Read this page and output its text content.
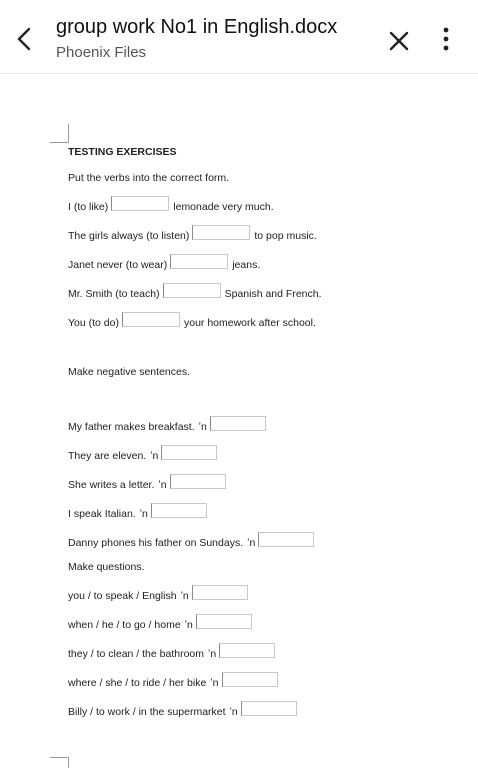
group work No1 in English.docx
Phoenix Files
TESTING EXERCISES
Put the verbs into the correct form.
I (to like)	lemonade very much.
The girls always (to listen)	to pop music.
Janet never (to wear)	jeans.
Mr. Smith (to teach)	Spanish and French.
You (to do)	your homework after school.
Make negative sentences.
My father makes breakfast. ʼn
They are eleven. ʼn
She writes a letter. ʼn
I speak Italian. ʼn
Danny phones his father on Sundays. ʼn
Make questions.
you / to speak / English ʼn
when / he / to go / home ʼn
they / to clean / the bathroom ʼn
where / she / to ride / her bike ʼn
Billy / to work / in the supermarket ʼn
